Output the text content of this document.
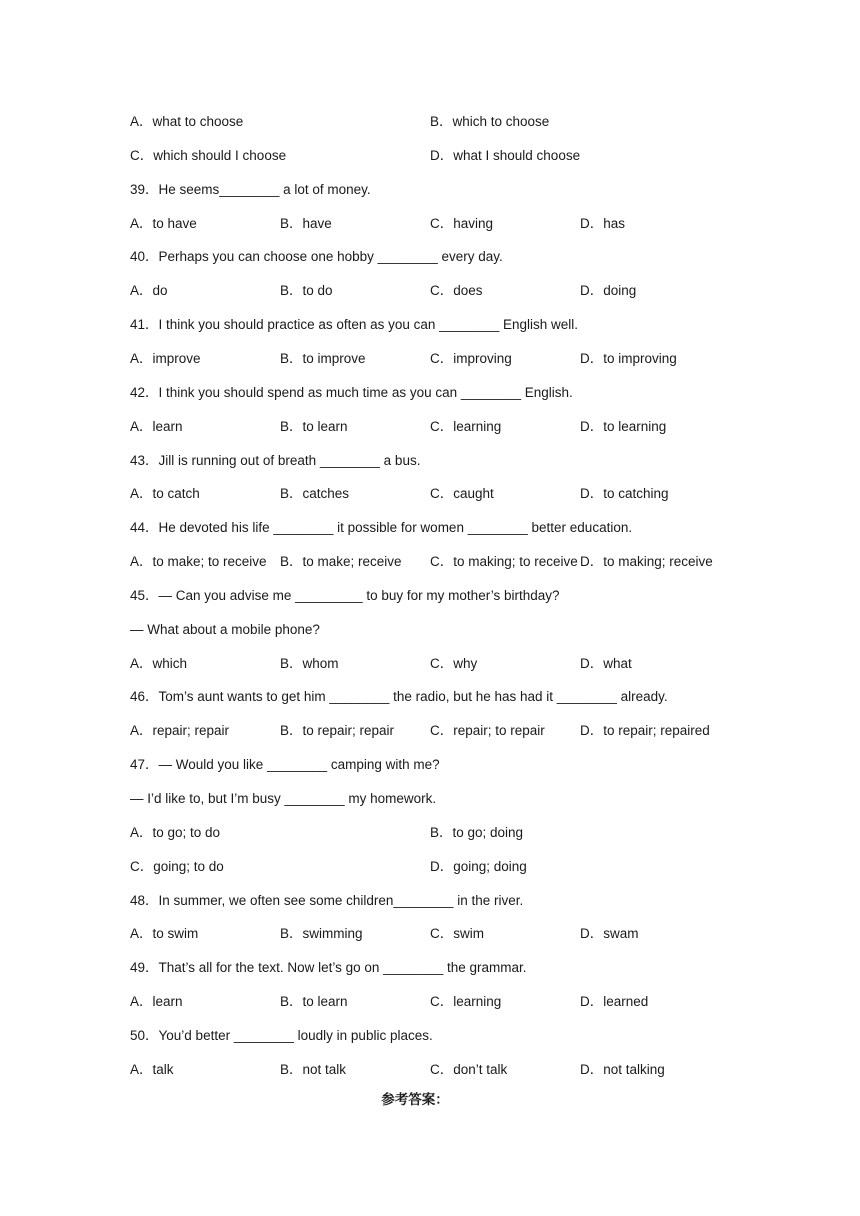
A．what to choose	B．which to choose
C．which should I choose	D．what I should choose
39．He seems________ a lot of money.
A．to have	B．have	C．having	D．has
40．Perhaps you can choose one hobby ________ every day.
A．do	B．to do	C．does	D．doing
41．I think you should practice as often as you can ________ English well.
A．improve	B．to improve	C．improving	D．to improving
42．I think you should spend as much time as you can ________ English.
A．learn	B．to learn	C．learning	D．to learning
43．Jill is running out of breath ________ a bus.
A．to catch	B．catches	C．caught	D．to catching
44．He devoted his life ________ it possible for women ________ better education.
A．to make; to receive B．to make; receive C．to making; to receive D．to making; receive
45．— Can you advise me _________ to buy for my mother’s birthday?
— What about a mobile phone?
A．which	B．whom	C．why	D．what
46．Tom’s aunt wants to get him ________ the radio, but he has had it ________ already.
A．repair; repair	B．to repair; repair	C．repair; to repair	D．to repair; repaired
47．— Would you like ________ camping with me?
— I’d like to, but I’m busy ________ my homework.
A．to go; to do	B．to go; doing
C．going; to do	D．going; doing
48．In summer, we often see some children________ in the river.
A．to swim	B．swimming	C．swim	D．swam
49．That’s all for the text. Now let’s go on ________ the grammar.
A．learn	B．to learn	C．learning	D．learned
50．You’d better ________ loudly in public places.
A．talk	B．not talk	C．don’t talk	D．not talking
参考答案：
